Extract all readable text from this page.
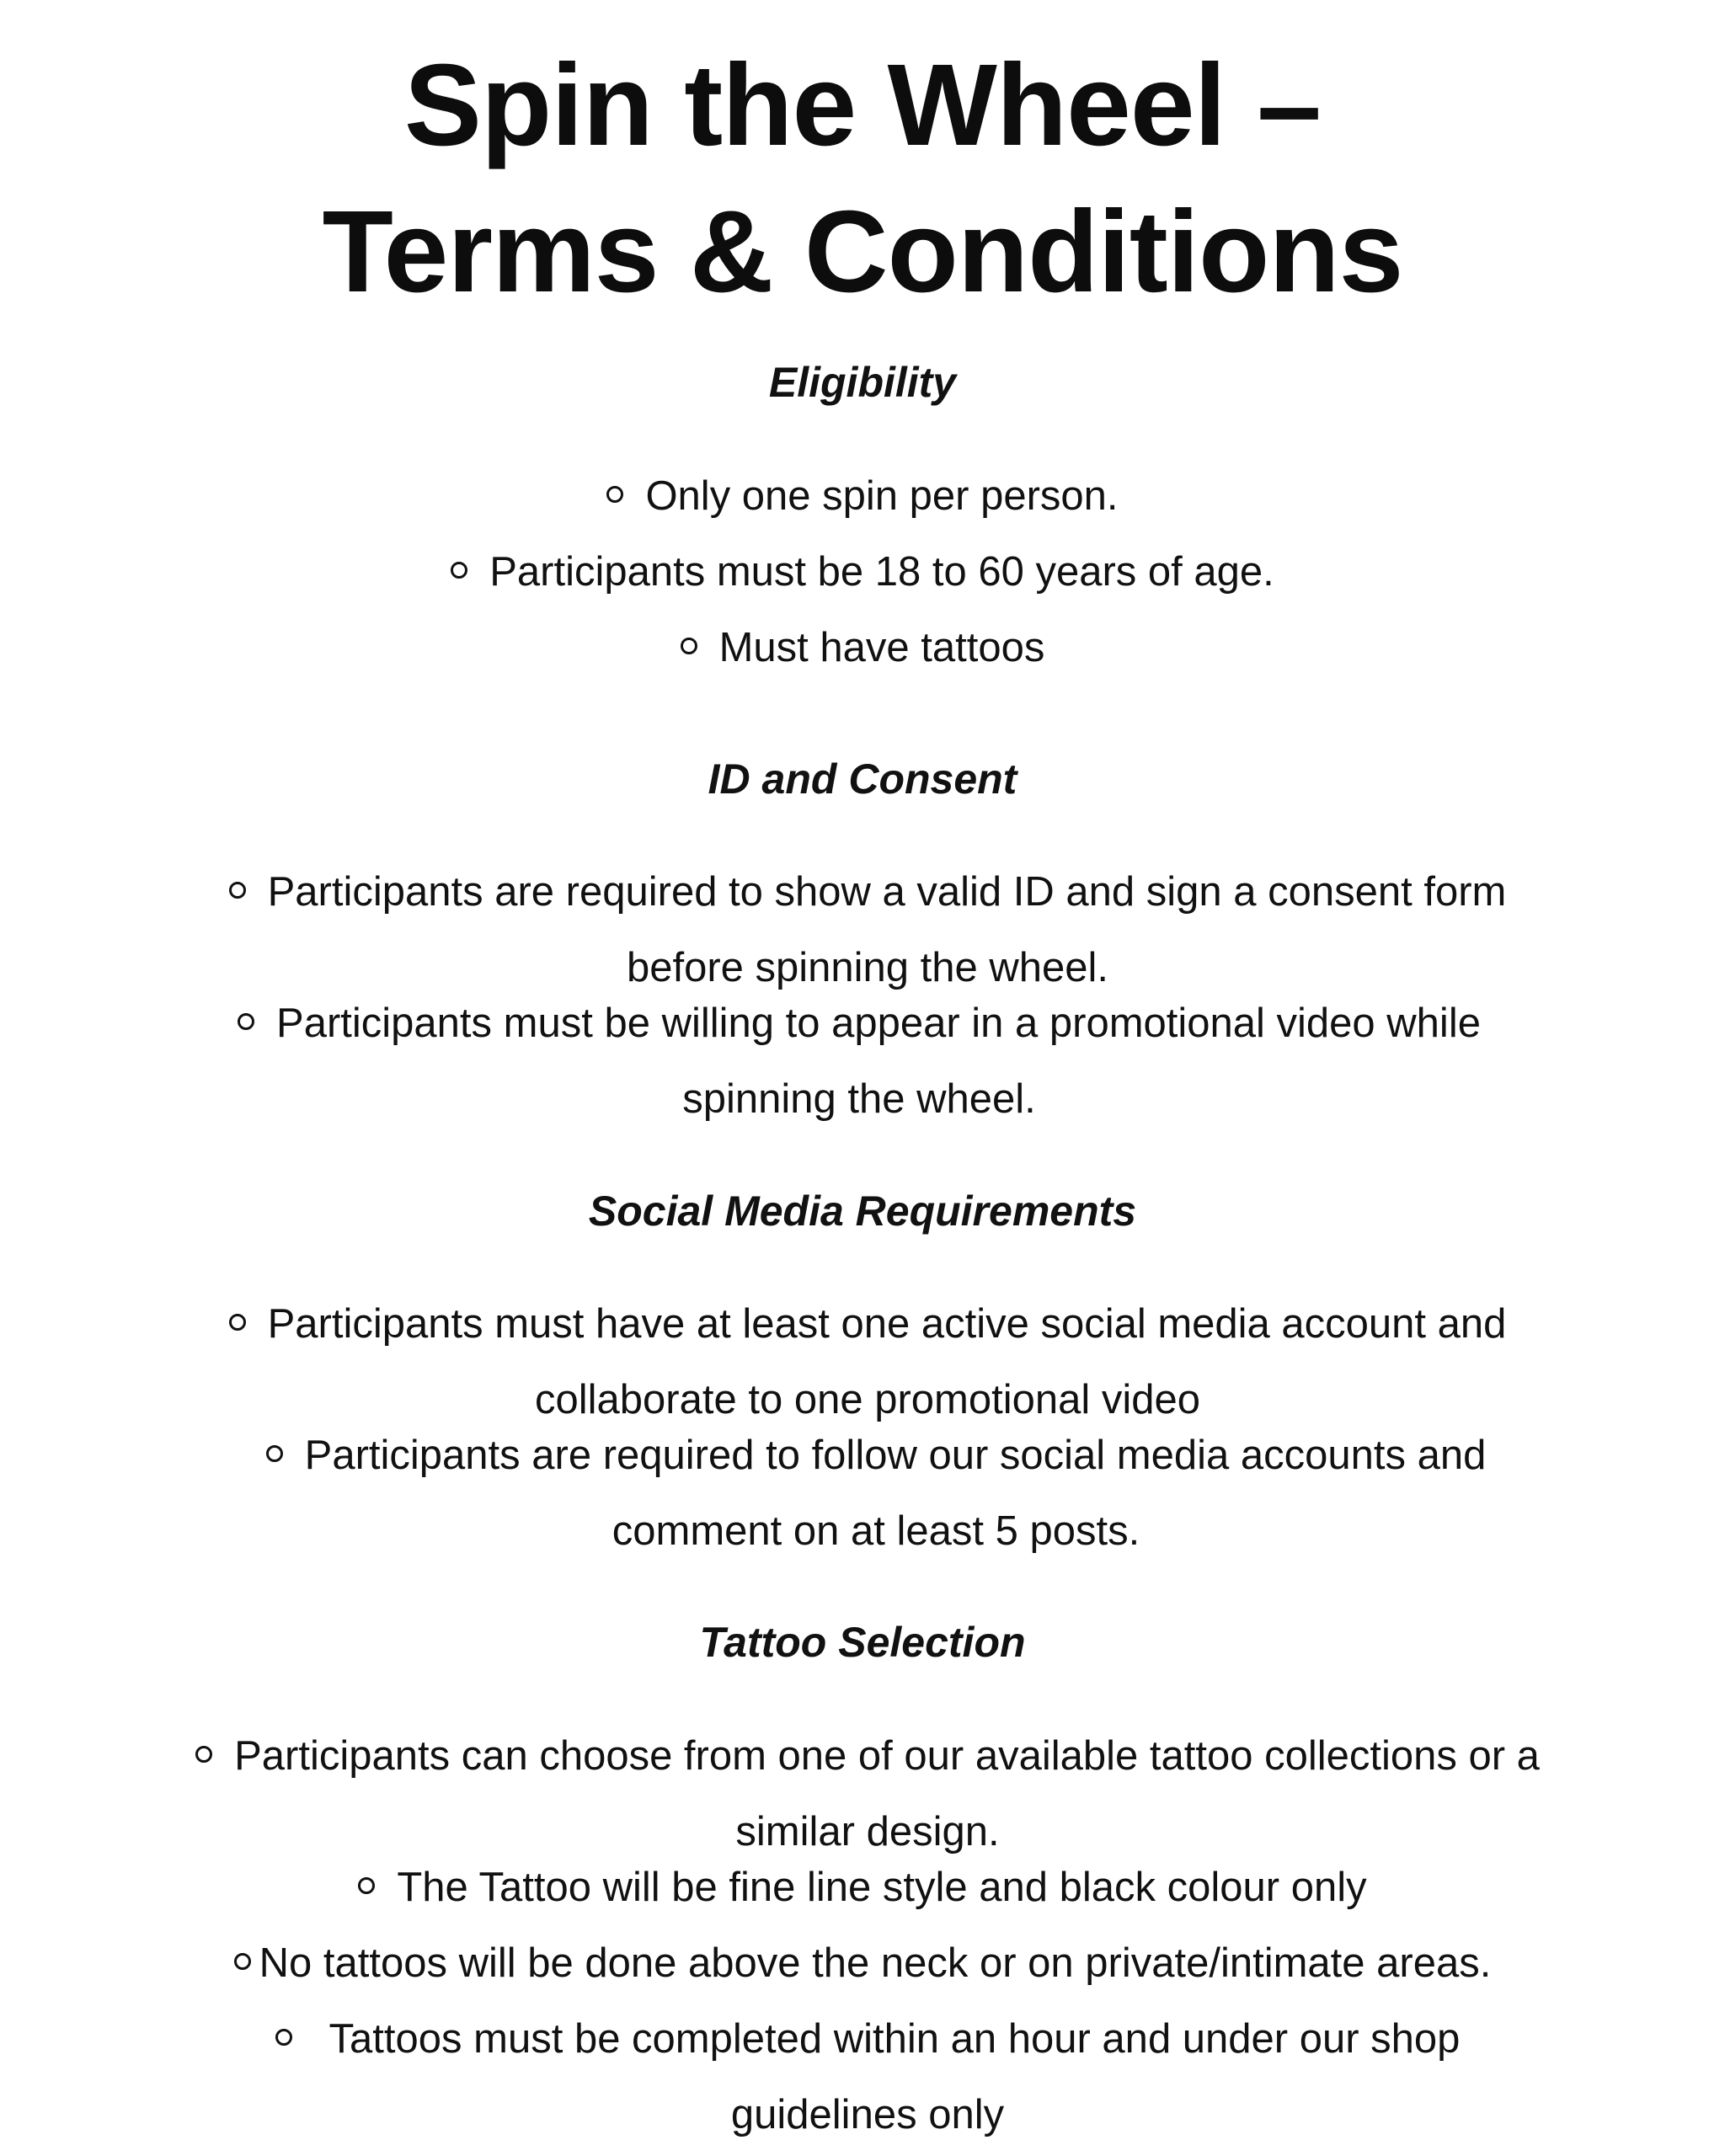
Spin the Wheel –
Terms & Conditions
Eligibility
Only one spin per person.
Participants must be 18 to 60 years of age.
Must have tattoos
ID and Consent
Participants are required to show a valid ID and sign a consent form before spinning the wheel.
Participants must be willing to appear in a promotional video while spinning the wheel.
Social Media Requirements
Participants must have at least one active social media account and collaborate to one promotional video
Participants are required to follow our social media accounts and comment on at least 5 posts.
Tattoo Selection
Participants can choose from one of our available tattoo collections or a similar design.
The Tattoo will be fine line style and black colour only
No tattoos will be done above the neck or on private/intimate areas.
Tattoos must be completed within an hour and under our shop guidelines only
